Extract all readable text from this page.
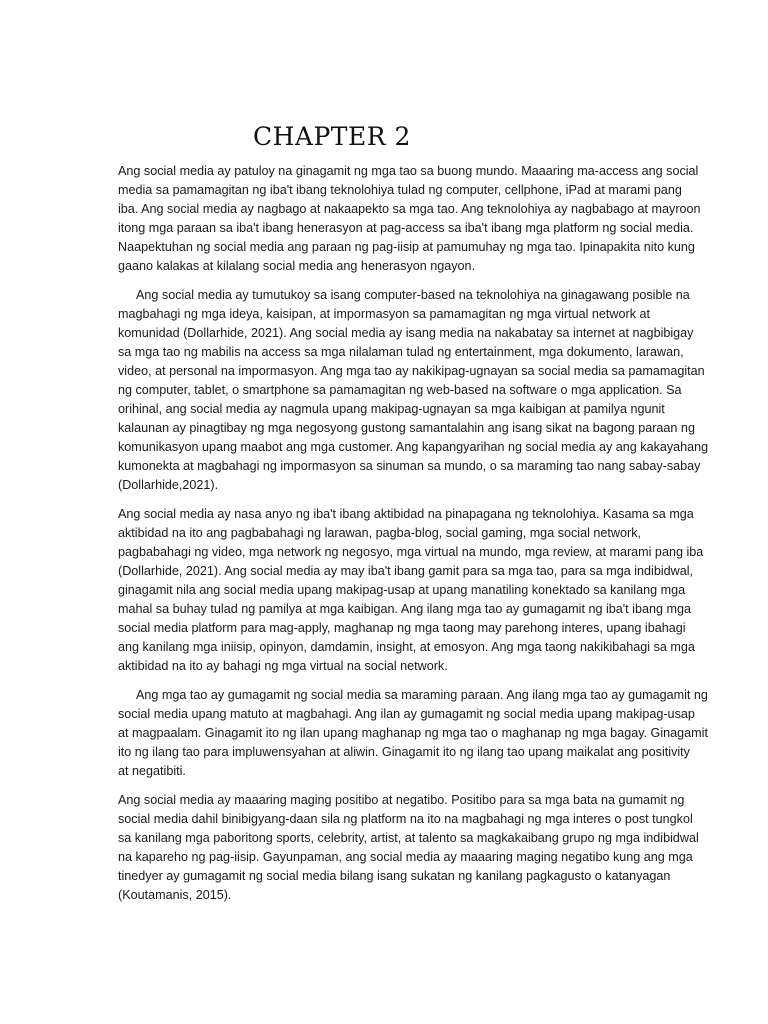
CHAPTER 2

Ang social media ay patuloy na ginagamit ng mga tao sa buong mundo. Maaaring ma-access ang social
media sa pamamagitan ng iba't ibang teknolohiya tulad ng computer, cellphone, iPad at marami pang
iba. Ang social media ay nagbago at nakaapekto sa mga tao. Ang teknolohiya ay nagbabago at mayroon
itong mga paraan sa iba't ibang henerasyon at pag-access sa iba't ibang mga platform ng social media.
Naapektuhan ng social media ang paraan ng pag-iisip at pamumuhay ng mga tao. Ipinapakita nito kung
gaano kalakas at kilalang social media ang henerasyon ngayon.

Ang social media ay tumutukoy sa isang computer-based na teknolohiya na ginagawang posible na
magbahagi ng mga ideya, kaisipan, at impormasyon sa pamamagitan ng mga virtual network at
komunidad (Dollarhide, 2021). Ang social media ay isang media na nakabatay sa internet at nagbibigay
sa mga tao ng mabilis na access sa mga nilalaman tulad ng entertainment, mga dokumento, larawan,
video, at personal na impormasyon. Ang mga tao ay nakikipag-ugnayan sa social media sa pamamagitan
ng computer, tablet, o smartphone sa pamamagitan ng web-based na software o mga application. Sa
orihinal, ang social media ay nagmula upang makipag-ugnayan sa mga kaibigan at pamilya ngunit
kalaunan ay pinagtibay ng mga negosyong gustong samantalahin ang isang sikat na bagong paraan ng
komunikasyon upang maabot ang mga customer. Ang kapangyarihan ng social media ay ang kakayahang
kumonekta at magbahagi ng impormasyon sa sinuman sa mundo, o sa maraming tao nang sabay-sabay
(Dollarhide,2021).

Ang social media ay nasa anyo ng iba't ibang aktibidad na pinapagana ng teknolohiya. Kasama sa mga
aktibidad na ito ang pagbabahagi ng larawan, pagba-blog, social gaming, mga social network,
pagbabahagi ng video, mga network ng negosyo, mga virtual na mundo, mga review, at marami pang iba
(Dollarhide, 2021). Ang social media ay may iba't ibang gamit para sa mga tao, para sa mga indibidwal,
ginagamit nila ang social media upang makipag-usap at upang manatiling konektado sa kanilang mga
mahal sa buhay tulad ng pamilya at mga kaibigan. Ang ilang mga tao ay gumagamit ng iba't ibang mga
social media platform para mag-apply, maghanap ng mga taong may parehong interes, upang ibahagi
ang kanilang mga iniisip, opinyon, damdamin, insight, at emosyon. Ang mga taong nakikibahagi sa mga
aktibidad na ito ay bahagi ng mga virtual na social network.

Ang mga tao ay gumagamit ng social media sa maraming paraan. Ang ilang mga tao ay gumagamit ng
social media upang matuto at magbahagi. Ang ilan ay gumagamit ng social media upang makipag-usap
at magpaalam. Ginagamit ito ng ilan upang maghanap ng mga tao o maghanap ng mga bagay. Ginagamit
ito ng ilang tao para impluwensyahan at aliwin. Ginagamit ito ng ilang tao upang maikalat ang positivity
at negatibiti.

Ang social media ay maaaring maging positibo at negatibo. Positibo para sa mga bata na gumamit ng
social media dahil binibigyang-daan sila ng platform na ito na magbahagi ng mga interes o post tungkol
sa kanilang mga paboritong sports, celebrity, artist, at talento sa magkakaibang grupo ng mga indibidwal
na kapareho ng pag-iisip. Gayunpaman, ang social media ay maaaring maging negatibo kung ang mga
tinedyer ay gumagamit ng social media bilang isang sukatan ng kanilang pagkagusto o katanyagan
(Koutamanis, 2015).
